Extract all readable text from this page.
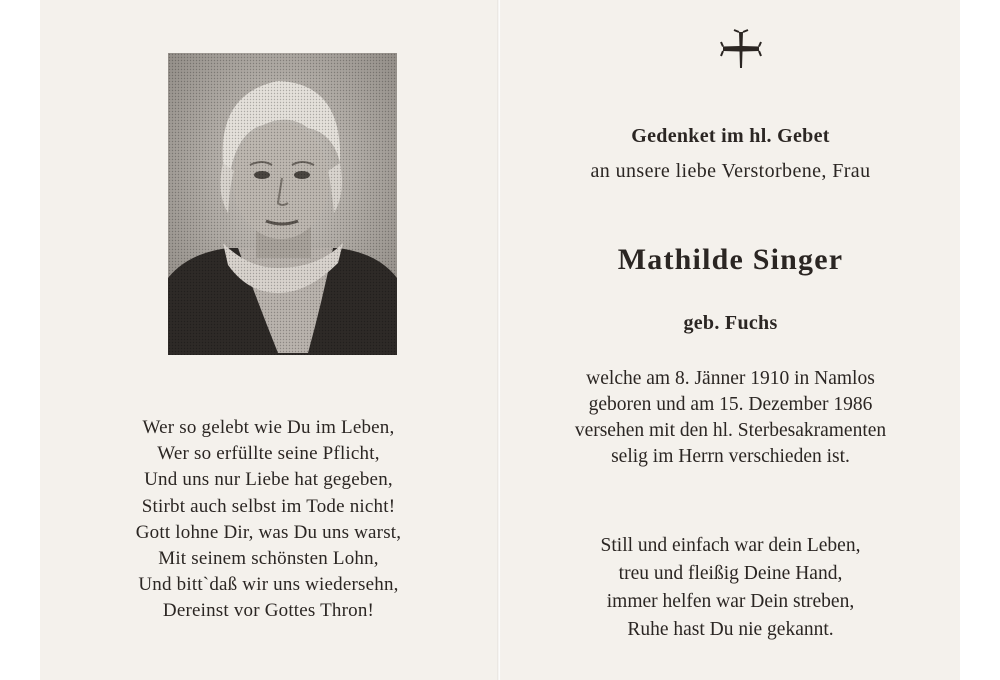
Wer so gelebt wie Du im Leben,
Wer so erfüllte seine Pflicht,
Und uns nur Liebe hat gegeben,
Stirbt auch selbst im Tode nicht!
Gott lohne Dir, was Du uns warst,
Mit seinem schönsten Lohn,
Und bitt`daß wir uns wiedersehn,
Dereinst vor Gottes Thron!
Gedenket im hl. Gebet
an unsere liebe Verstorbene, Frau
Mathilde Singer
geb. Fuchs
welche am 8. Jänner 1910 in Namlos
geboren und am 15. Dezember 1986
versehen mit den hl. Sterbesakramenten
selig im Herrn verschieden ist.
Still und einfach war dein Leben,
treu und fleißig Deine Hand,
immer helfen war Dein streben,
Ruhe hast Du nie gekannt.
